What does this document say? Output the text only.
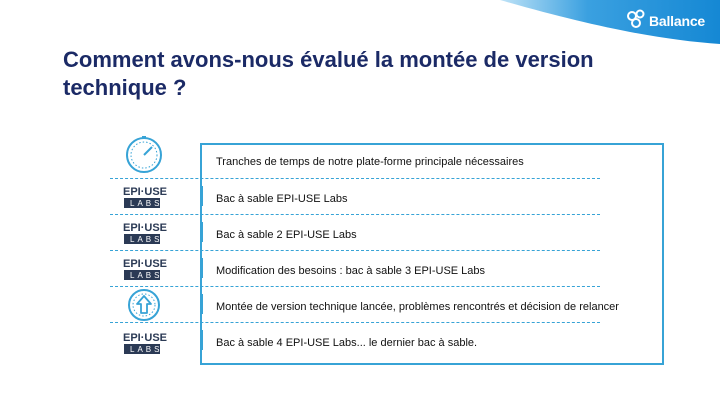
Ballance
Comment avons-nous évalué la montée de version technique ?
Tranches de temps de notre plate-forme principale nécessaires
EPI·USE
LABS	Bac à sable EPI-USE Labs
EPI·USE
LABS	Bac à sable 2 EPI-USE Labs
EPI·USE
LABS	Modification des besoins : bac à sable 3 EPI-USE Labs
Montée de version technique lancée, problèmes rencontrés et décision de relancer
EPI·USE
LABS
Bac à sable 4 EPI-USE Labs... le dernier bac à sable.
